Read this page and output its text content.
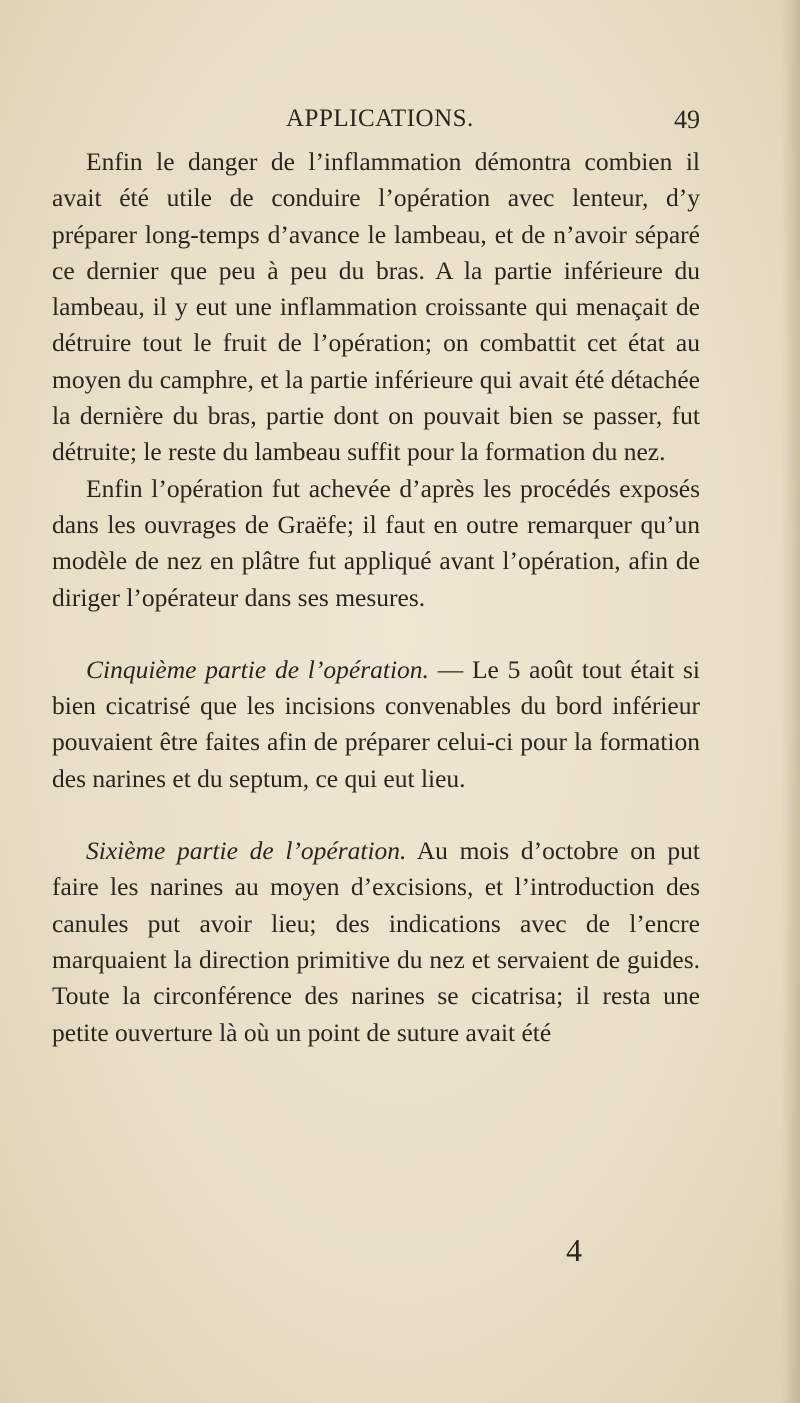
APPLICATIONS.	49

Enfin le danger de l’inflammation démontra combien il avait été utile de conduire l’opération avec lenteur, d’y préparer long-temps d’avance le lambeau, et de n’avoir séparé ce dernier que peu à peu du bras. A la partie inférieure du lambeau, il y eut une inflammation croissante qui menaçait de détruire tout le fruit de l’opération; on combattit cet état au moyen du camphre, et la partie inférieure qui avait été détachée la dernière du bras, partie dont on pouvait bien se passer, fut détruite; le reste du lambeau suffit pour la formation du nez.

Enfin l’opération fut achevée d’après les procédés exposés dans les ouvrages de Graëfe; il faut en outre remarquer qu’un modèle de nez en plâtre fut appliqué avant l’opération, afin de diriger l’opérateur dans ses mesures.

Cinquième partie de l’opération. — Le 5 août tout était si bien cicatrisé que les incisions convenables du bord inférieur pouvaient être faites afin de préparer celui-ci pour la formation des narines et du septum, ce qui eut lieu.

Sixième partie de l’opération. Au mois d’octobre on put faire les narines au moyen d’excisions, et l’introduction des canules put avoir lieu; des indications avec de l’encre marquaient la direction primitive du nez et servaient de guides. Toute la circonférence des narines se cicatrisa; il resta une petite ouverture là où un point de suture avait été

4
